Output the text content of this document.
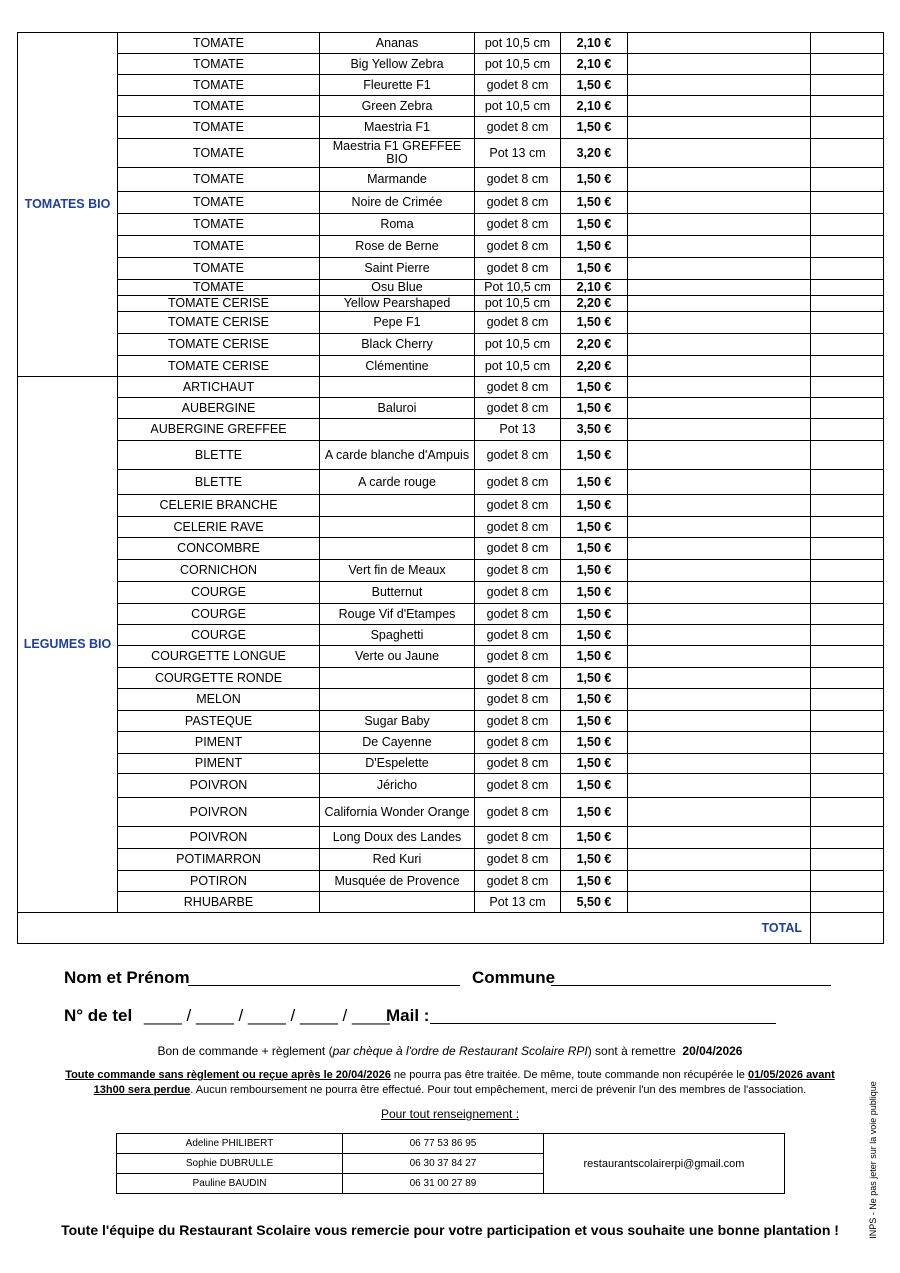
TOMATES BIO	TOMATE	Ananas	pot 10,5 cm	2,10 €		
	TOMATE	Big Yellow Zebra	pot 10,5 cm	2,10 €		
	TOMATE	Fleurette F1	godet 8 cm	1,50 €		
	TOMATE	Green Zebra	pot 10,5 cm	2,10 €		
	TOMATE	Maestria F1	godet 8 cm	1,50 €		
	TOMATE	Maestria F1 GREFFEE BIO	Pot 13 cm	3,20 €		
	TOMATE	Marmande	godet 8 cm	1,50 €		
	TOMATE	Noire de Crimée	godet 8 cm	1,50 €		
	TOMATE	Roma	godet 8 cm	1,50 €		
	TOMATE	Rose de Berne	godet 8 cm	1,50 €		
	TOMATE	Saint Pierre	godet 8 cm	1,50 €		
	TOMATE	Osu Blue	Pot 10,5 cm	2,10 €		
	TOMATE CERISE	Yellow Pearshaped	pot 10,5 cm	2,20 €		
	TOMATE CERISE	Pepe F1	godet 8 cm	1,50 €		
	TOMATE CERISE	Black Cherry	pot 10,5 cm	2,20 €		
	TOMATE CERISE	Clémentine	pot 10,5 cm	2,20 €		
LEGUMES BIO	ARTICHAUT		godet 8 cm	1,50 €		
	AUBERGINE	Baluroi	godet 8 cm	1,50 €		
	AUBERGINE GREFFEE		Pot 13	3,50 €		
	BLETTE	A carde blanche d'Ampuis	godet 8 cm	1,50 €		
	BLETTE	A carde rouge	godet 8 cm	1,50 €		
	CELERIE BRANCHE		godet 8 cm	1,50 €		
	CELERIE RAVE		godet 8 cm	1,50 €		
	CONCOMBRE		godet 8 cm	1,50 €		
	CORNICHON	Vert fin de Meaux	godet 8 cm	1,50 €		
	COURGE	Butternut	godet 8 cm	1,50 €		
	COURGE	Rouge Vif d'Etampes	godet 8 cm	1,50 €		
	COURGE	Spaghetti	godet 8 cm	1,50 €		
	COURGETTE LONGUE	Verte ou Jaune	godet 8 cm	1,50 €		
	COURGETTE RONDE		godet 8 cm	1,50 €		
	MELON		godet 8 cm	1,50 €		
	PASTEQUE	Sugar Baby	godet 8 cm	1,50 €		
	PIMENT	De Cayenne	godet 8 cm	1,50 €		
	PIMENT	D'Espelette	godet 8 cm	1,50 €		
	POIVRON	Jéricho	godet 8 cm	1,50 €		
	POIVRON	California Wonder Orange	godet 8 cm	1,50 €		
	POIVRON	Long Doux des Landes	godet 8 cm	1,50 €		
	POTIMARRON	Red Kuri	godet 8 cm	1,50 €		
	POTIRON	Musquée de Provence	godet 8 cm	1,50 €		
	RHUBARBE		Pot 13 cm	5,50 €		
TOTAL						
Nom et Prénom	Commune
N° de tel ____ / ____ / ____ / ____ / ____
Mail :
Bon de commande + règlement (par chèque à l'ordre de Restaurant Scolaire RPI) sont à remettre 20/04/2026
Toute commande sans règlement ou reçue après le 20/04/2026 ne pourra pas être traitée. De même, toute commande non récupérée le 01/05/2026 avant 13h00 sera perdue. Aucun remboursement ne pourra être effectué. Pour tout empêchement, merci de prévenir l'un des membres de l'association.
Pour tout renseignement :
Adeline PHILIBERT	06 77 53 86 95	restaurantscolairerpi@gmail.com
Sophie DUBRULLE	06 30 37 84 27	
Pauline BAUDIN	06 31 00 27 89	
Toute l'équipe du Restaurant Scolaire vous remercie pour votre participation et vous souhaite une bonne plantation !	INPS - Ne pas jeter sur la voie publique
